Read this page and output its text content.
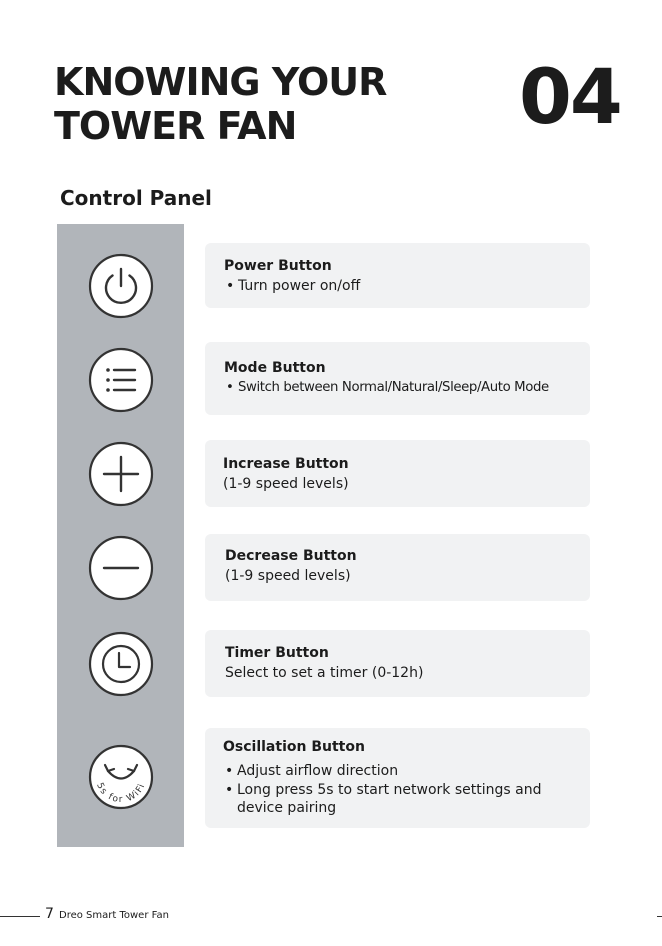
KNOWING YOUR
TOWER FAN	04
Control Panel
5s for WiFi
Power Button
• Turn power on/off
Mode Button
• Switch between Normal/Natural/Sleep/Auto Mode
Increase Button
(1-9 speed levels)
Decrease Button
(1-9 speed levels)
Timer Button
Select to set a timer (0-12h)
Oscillation Button
• Adjust airflow direction
• Long press 5s to start network settings and device pairing
7 Dreo Smart Tower Fan
